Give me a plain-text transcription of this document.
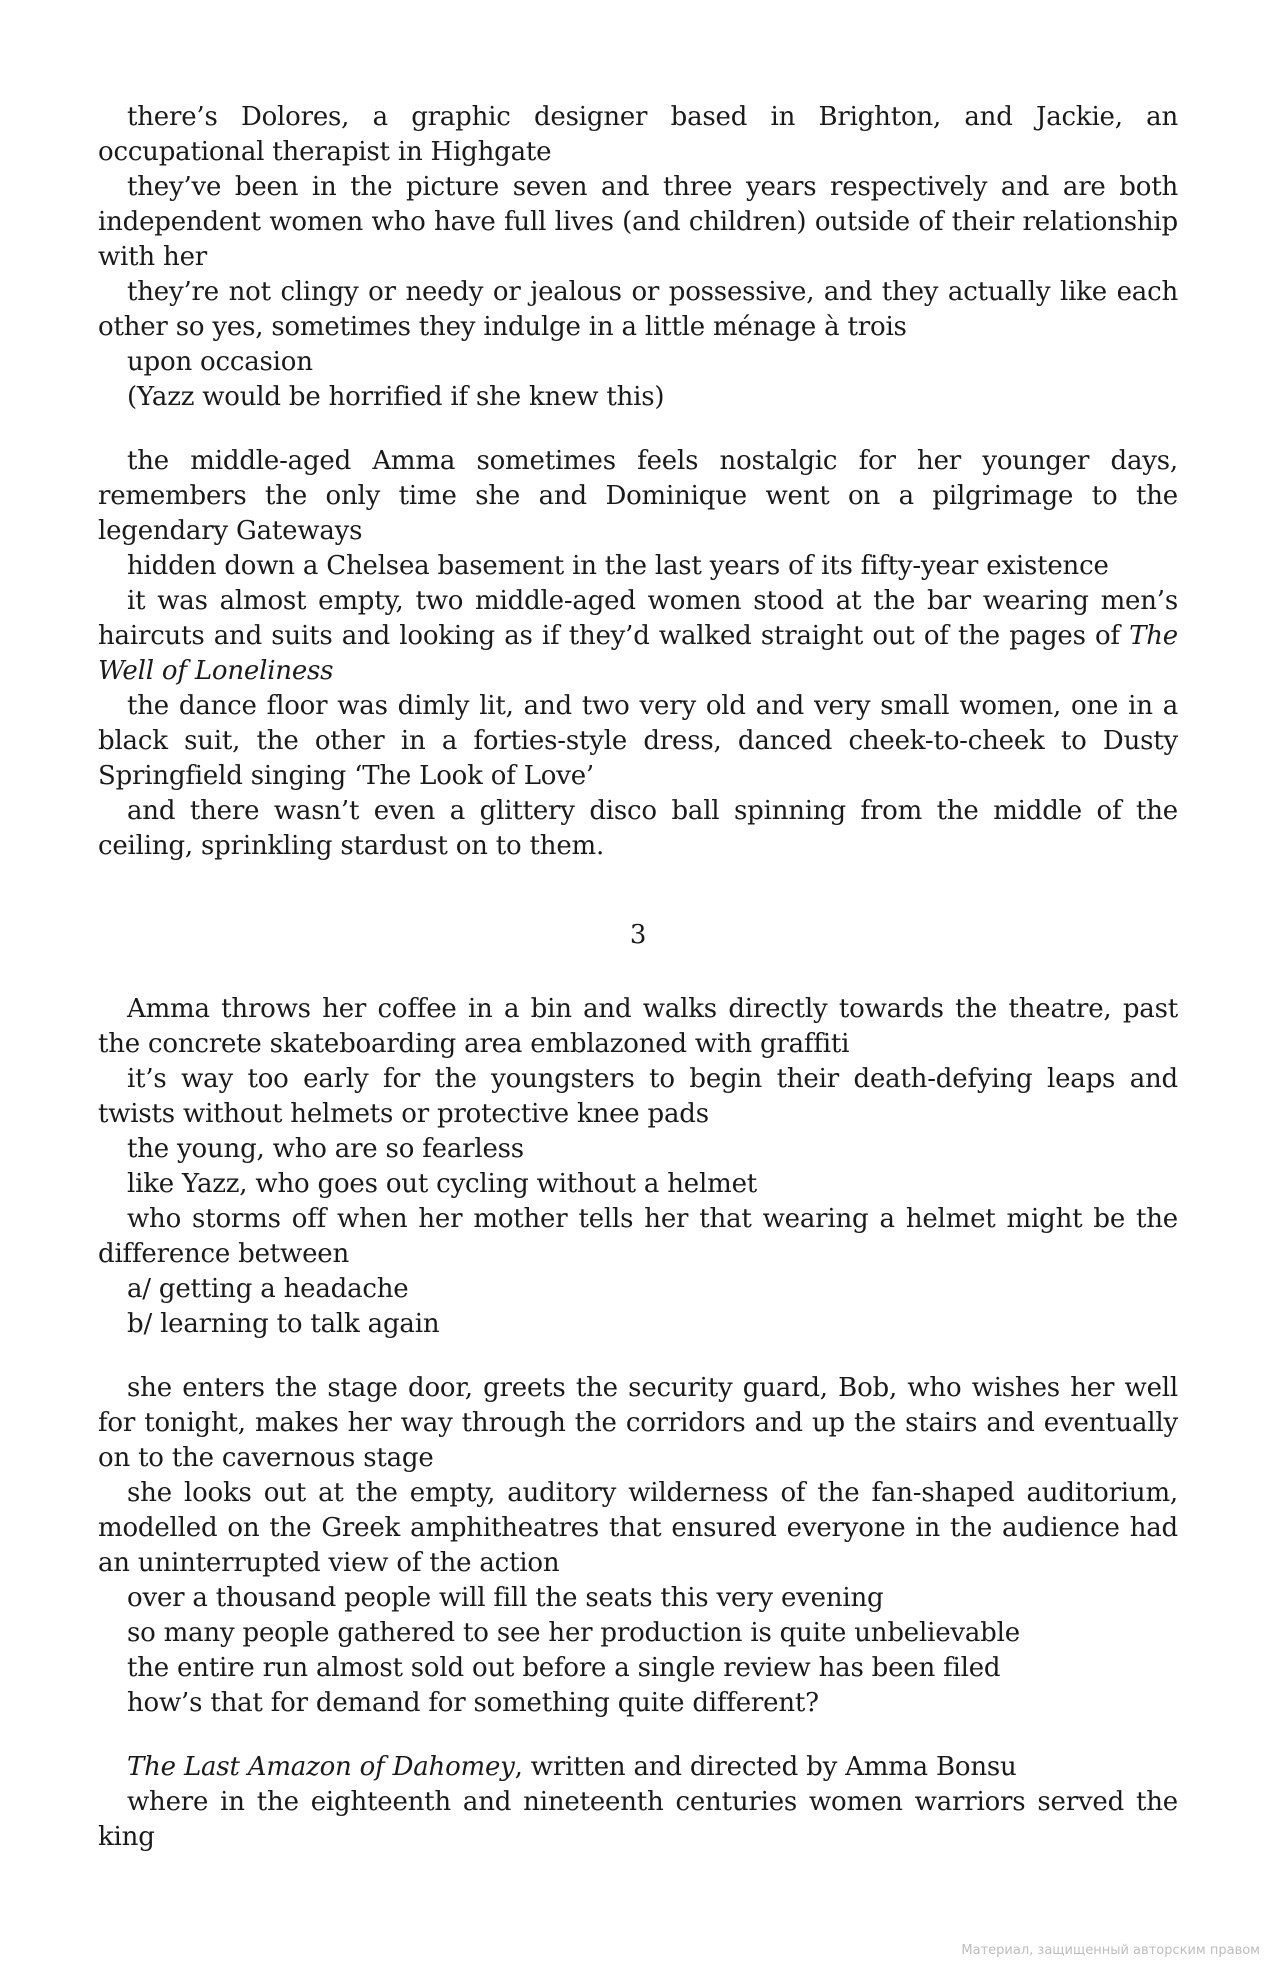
there’s Dolores, a graphic designer based in Brighton, and Jackie, an occupational therapist in Highgate

they’ve been in the picture seven and three years respectively and are both independent women who have full lives (and children) outside of their relationship with her

they’re not clingy or needy or jealous or possessive, and they actually like each other so yes, sometimes they indulge in a little ménage à trois

upon occasion

(Yazz would be horrified if she knew this)

the middle-aged Amma sometimes feels nostalgic for her younger days, remembers the only time she and Dominique went on a pilgrimage to the legendary Gateways

hidden down a Chelsea basement in the last years of its fifty-year existence

it was almost empty, two middle-aged women stood at the bar wearing men’s haircuts and suits and looking as if they’d walked straight out of the pages of The Well of Loneliness

the dance floor was dimly lit, and two very old and very small women, one in a black suit, the other in a forties-style dress, danced cheek-to-cheek to Dusty Springfield singing ‘The Look of Love’

and there wasn’t even a glittery disco ball spinning from the middle of the ceiling, sprinkling stardust on to them.

3

Amma throws her coffee in a bin and walks directly towards the theatre, past the concrete skateboarding area emblazoned with graffiti

it’s way too early for the youngsters to begin their death-defying leaps and twists without helmets or protective knee pads

the young, who are so fearless

like Yazz, who goes out cycling without a helmet

who storms off when her mother tells her that wearing a helmet might be the difference between

a/ getting a headache

b/ learning to talk again

she enters the stage door, greets the security guard, Bob, who wishes her well for tonight, makes her way through the corridors and up the stairs and eventually on to the cavernous stage

she looks out at the empty, auditory wilderness of the fan-shaped auditorium, modelled on the Greek amphitheatres that ensured everyone in the audience had an uninterrupted view of the action

over a thousand people will fill the seats this very evening

so many people gathered to see her production is quite unbelievable

the entire run almost sold out before a single review has been filed

how’s that for demand for something quite different?

The Last Amazon of Dahomey, written and directed by Amma Bonsu

where in the eighteenth and nineteenth centuries women warriors served the king

Материал, защищенный авторским правом
